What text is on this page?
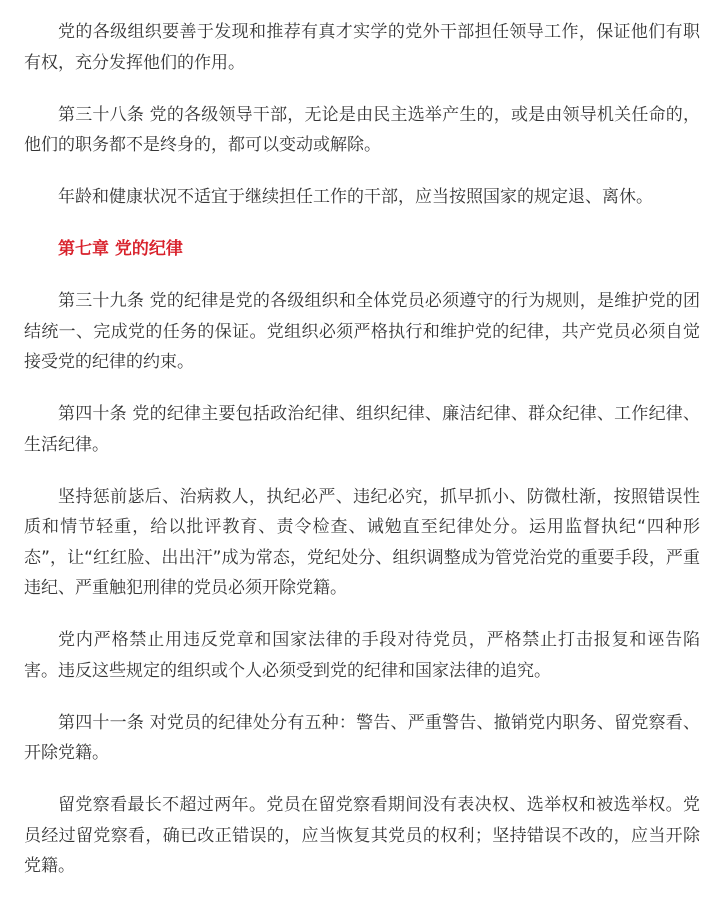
党的各级组织要善于发现和推荐有真才实学的党外干部担任领导工作，保证他们有职有权，充分发挥他们的作用。

第三十八条 党的各级领导干部，无论是由民主选举产生的，或是由领导机关任命的，他们的职务都不是终身的，都可以变动或解除。

年龄和健康状况不适宜于继续担任工作的干部，应当按照国家的规定退、离休。

第七章 党的纪律

第三十九条 党的纪律是党的各级组织和全体党员必须遵守的行为规则，是维护党的团结统一、完成党的任务的保证。党组织必须严格执行和维护党的纪律，共产党员必须自觉接受党的纪律的约束。

第四十条 党的纪律主要包括政治纪律、组织纪律、廉洁纪律、群众纪律、工作纪律、生活纪律。

坚持惩前毖后、治病救人，执纪必严、违纪必究，抓早抓小、防微杜渐，按照错误性质和情节轻重，给以批评教育、责令检查、诫勉直至纪律处分。运用监督执纪“四种形态”，让“红红脸、出出汗”成为常态，党纪处分、组织调整成为管党治党的重要手段，严重违纪、严重触犯刑律的党员必须开除党籍。

党内严格禁止用违反党章和国家法律的手段对待党员，严格禁止打击报复和诬告陷害。违反这些规定的组织或个人必须受到党的纪律和国家法律的追究。

第四十一条 对党员的纪律处分有五种：警告、严重警告、撤销党内职务、留党察看、开除党籍。

留党察看最长不超过两年。党员在留党察看期间没有表决权、选举权和被选举权。党员经过留党察看，确已改正错误的，应当恢复其党员的权利；坚持错误不改的，应当开除党籍。
